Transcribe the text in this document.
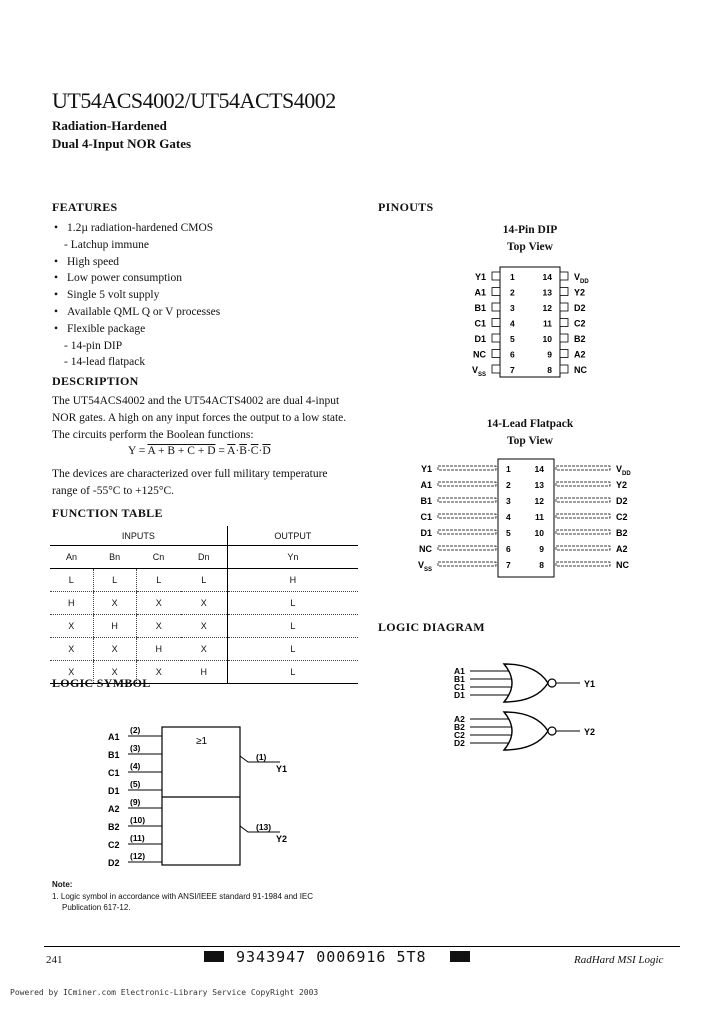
UT54ACS4002/UT54ACTS4002
Radiation-Hardened
Dual 4-Input NOR Gates
FEATURES
• 1.2µ radiation-hardened CMOS
- Latchup immune
• High speed
• Low power consumption
• Single 5 volt supply
• Available QML Q or V processes
• Flexible package
- 14-pin DIP
- 14-lead flatpack
DESCRIPTION
The UT54ACS4002 and the UT54ACTS4002 are dual 4-input
NOR gates. A high on any input forces the output to a low state.
The circuits perform the Boolean functions:
$Y = A + B + C + D = \overline{A}\cdot\overline{B}\cdot\overline{C}\cdot\overline{D}$
The devices are characterized over full military temperature
range of -55°C to +125°C.
FUNCTION TABLE
INPUTS				OUTPUT
An	Bn	Cn	Dn	Yn
L	L	L	L	H
H	X	X	X	L
X	H	X	X	L
X	X	H	X	L
X	X	X	H	L
LOGIC SYMBOL
≥1
A1
(2)
B1
(3)
C1
(4)
D1
(5)
A2
(9)
B2
(10)
C2
(11)
D2
(12)
(1)
Y1
(13)
Y2
Note:
1. Logic symbol in accordance with ANSI/IEEE standard 91-1984 and IEC
Publication 617-12.
PINOUTS
14-Pin DIP
Top View
Y1	1
A1	2
B1	3
C1	4
D1	5
NC	6
$V_{SS}$	7
$V_{DD}$
14
Y2
13
D2
12
C2
11
B2
10
A2
9
NC
8
14-Lead Flatpack
Top View
Y1	1
A1	2
B1	3
C1	4
D1	5
NC	6
$V_{SS}$	7
$V_{DD}$
14
Y2
13
D2
12
C2
11
B2
10
A2
9
NC
8
LOGIC DIAGRAM
A1
B1
C1
D1
Y1
A2
B2
C2
D2
Y2
241	9343947 0006916 5T8	RadHard MSI Logic
Powered by ICminer.com Electronic-Library Service CopyRight 2003
